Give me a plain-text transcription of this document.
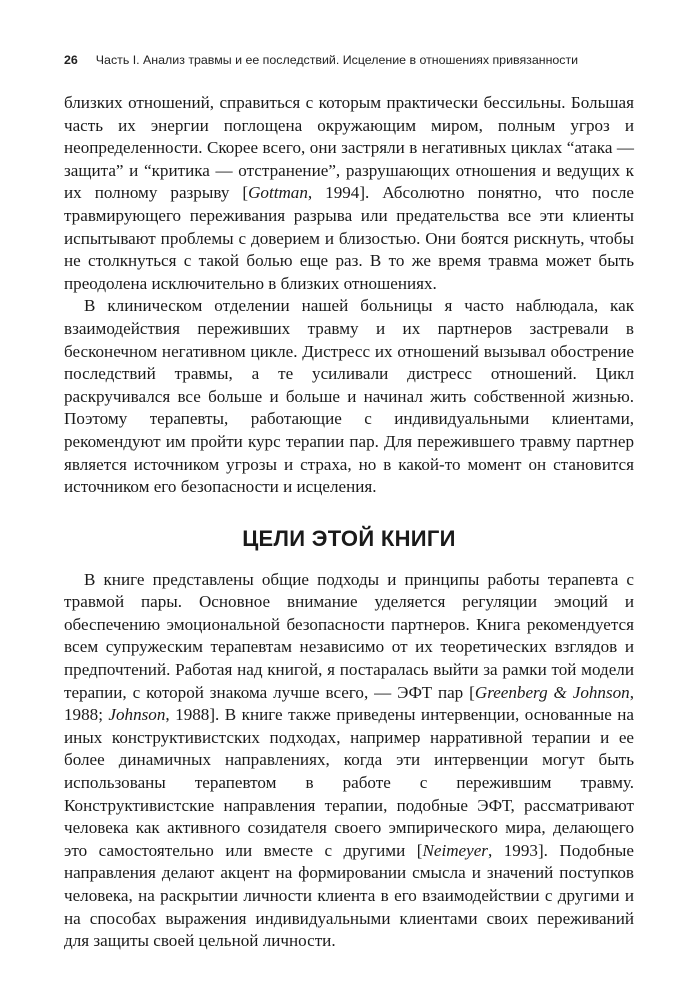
26 Часть I. Анализ травмы и ее последствий. Исцеление в отношениях привязанности

близких отношений, справиться с которым практически бессильны. Большая часть их энергии поглощена окружающим миром, полным угроз и неопределенности. Скорее всего, они застряли в негативных циклах “атака — защита” и “критика — отстранение”, разрушающих отношения и ведущих к их полному разрыву [Gottman, 1994]. Абсолютно понятно, что после травмирующего переживания разрыва или предательства все эти клиенты испытывают проблемы с доверием и близостью. Они боятся рискнуть, чтобы не столкнуться с такой болью еще раз. В то же время травма может быть преодолена исключительно в близких отношениях.

В клиническом отделении нашей больницы я часто наблюдала, как взаимодействия переживших травму и их партнеров застревали в бесконечном негативном цикле. Дистресс их отношений вызывал обострение последствий травмы, а те усиливали дистресс отношений. Цикл раскручивался все больше и больше и начинал жить собственной жизнью. Поэтому терапевты, работающие с индивидуальными клиентами, рекомендуют им пройти курс терапии пар. Для пережившего травму партнер является источником угрозы и страха, но в какой-то момент он становится источником его безопасности и исцеления.

ЦЕЛИ ЭТОЙ КНИГИ

В книге представлены общие подходы и принципы работы терапевта с травмой пары. Основное внимание уделяется регуляции эмоций и обеспечению эмоциональной безопасности партнеров. Книга рекомендуется всем супружеским терапевтам независимо от их теоретических взглядов и предпочтений. Работая над книгой, я постаралась выйти за рамки той модели терапии, с которой знакома лучше всего, — ЭФТ пар [Greenberg & Johnson, 1988; Johnson, 1988]. В книге также приведены интервенции, основанные на иных конструктивистских подходах, например нарративной терапии и ее более динамичных направлениях, когда эти интервенции могут быть использованы терапевтом в работе с пережившим травму. Конструктивистские направления терапии, подобные ЭФТ, рассматривают человека как активного созидателя своего эмпирического мира, делающего это самостоятельно или вместе с другими [Neimeyer, 1993]. Подобные направления делают акцент на формировании смысла и значений поступков человека, на раскрытии личности клиента в его взаимодействии с другими и на способах выражения индивидуальными клиентами своих переживаний для защиты своей цельной личности.
